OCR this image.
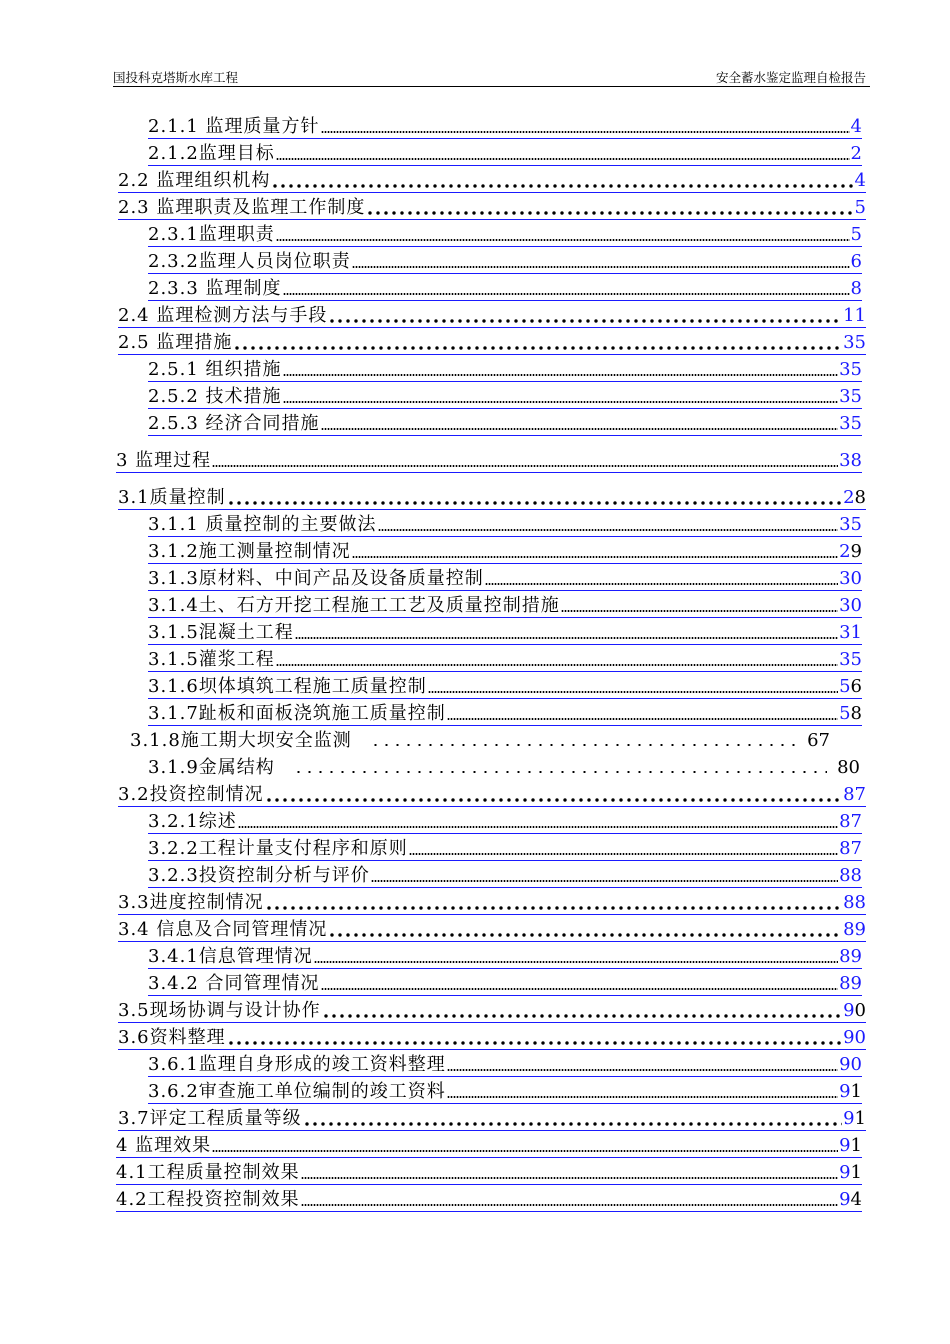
国投科克塔斯水库工程	安全蓄水鉴定监理自检报告
2.1.1 监理质量方针	4
2.1.2监理目标	2
2.2 监理组织机构	4
2.3 监理职责及监理工作制度	5
2.3.1监理职责	5
2.3.2监理人员岗位职责	6
2.3.3 监理制度	8
2.4 监理检测方法与手段	11
2.5 监理措施	35
2.5.1 组织措施	35
2.5.2 技术措施	35
2.5.3 经济合同措施	35
3 监理过程	38
3.1质量控制	28
3.1.1 质量控制的主要做法	35
3.1.2施工测量控制情况	29
3.1.3原材料、中间产品及设备质量控制	30
3.1.4土、石方开挖工程施工工艺及质量控制措施	30
3.1.5混凝土工程	31
3.1.5灌浆工程	35
3.1.6坝体填筑工程施工质量控制	56
3.1.7趾板和面板浇筑施工质量控制	58
3.1.8施工期大坝安全监测	67
3.1.9金属结构	80
3.2投资控制情况	87
3.2.1综述	87
3.2.2工程计量支付程序和原则	87
3.2.3投资控制分析与评价	88
3.3进度控制情况	88
3.4 信息及合同管理情况	89
3.4.1信息管理情况	89
3.4.2 合同管理情况	89
3.5现场协调与设计协作	90
3.6资料整理	90
3.6.1监理自身形成的竣工资料整理	90
3.6.2审查施工单位编制的竣工资料	91
3.7评定工程质量等级	91
4 监理效果	91
4.1工程质量控制效果	91
4.2工程投资控制效果	94
